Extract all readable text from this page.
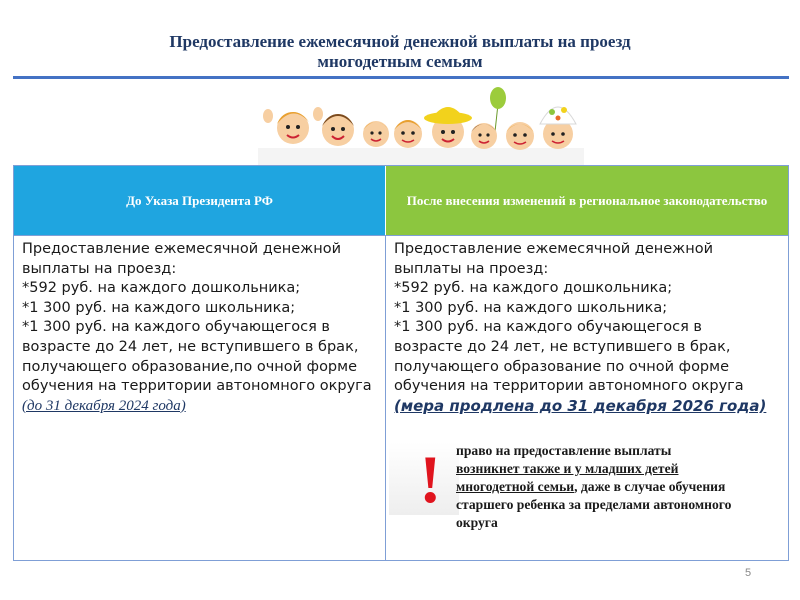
Предоставление ежемесячной денежной выплаты на проезд
многодетным семьям
До Указа Президента РФ	После внесения изменений в региональное законодательство
Предоставление ежемесячной денежной
выплаты на проезд:
*592 руб. на каждого дошкольника;
*1 300 руб. на каждого школьника;
*1 300 руб. на каждого обучающегося в
возрасте до 24 лет, не вступившего в брак,
получающего образование,по очной форме
обучения на территории автономного округа
(до 31 декабря 2024 года)
Предоставление ежемесячной денежной
выплаты на проезд:
*592 руб. на каждого дошкольника;
*1 300 руб. на каждого школьника;
*1 300 руб. на каждого обучающегося в
возрасте до 24 лет, не вступившего в брак,
получающего образование по очной форме
обучения на территории автономного округа
(мера продлена до 31 декабря 2026 года)
! право на предоставление выплаты
возникнет также и у младших детей
многодетной семьи, даже в случае обучения
старшего ребенка за пределами автономного
округа
5
